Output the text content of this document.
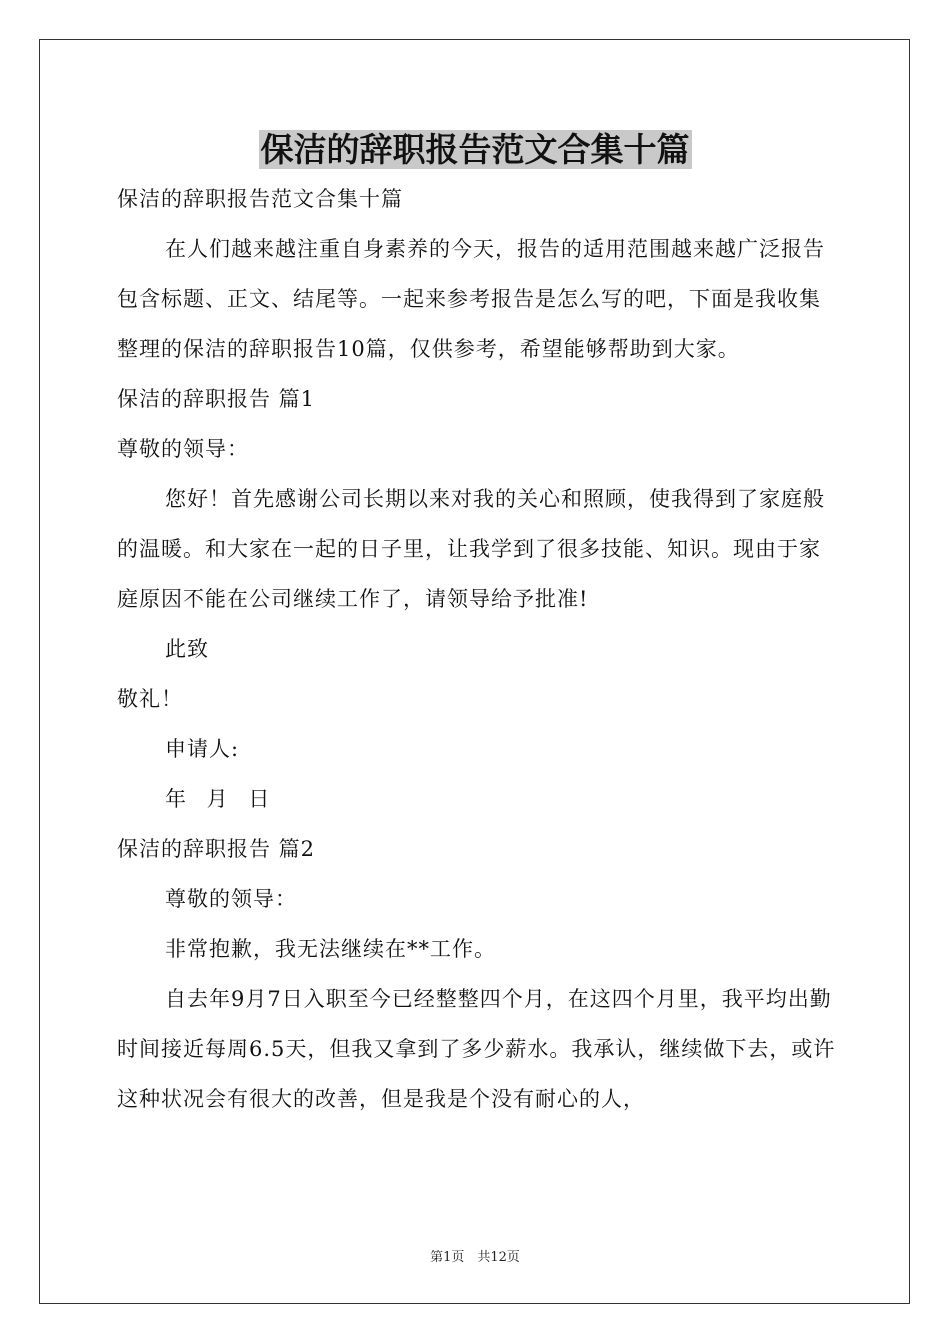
保洁的辞职报告范文合集十篇

保洁的辞职报告范文合集十篇

在人们越来越注重自身素养的今天，报告的适用范围越来越广泛报告包含标题、正文、结尾等。一起来参考报告是怎么写的吧，下面是我收集整理的保洁的辞职报告10篇，仅供参考，希望能够帮助到大家。

保洁的辞职报告 篇1

尊敬的领导：

您好！首先感谢公司长期以来对我的关心和照顾，使我得到了家庭般的温暖。和大家在一起的日子里，让我学到了很多技能、知识。现由于家庭原因不能在公司继续工作了，请领导给予批准!

此致

敬礼！

申请人:

年 月 日

保洁的辞职报告 篇2

尊敬的领导：

非常抱歉，我无法继续在**工作。

自去年9月7日入职至今已经整整四个月，在这四个月里，我平均出勤时间接近每周6.5天，但我又拿到了多少薪水。我承认，继续做下去，或许这种状况会有很大的改善，但是我是个没有耐心的人，

第1页　共12页
